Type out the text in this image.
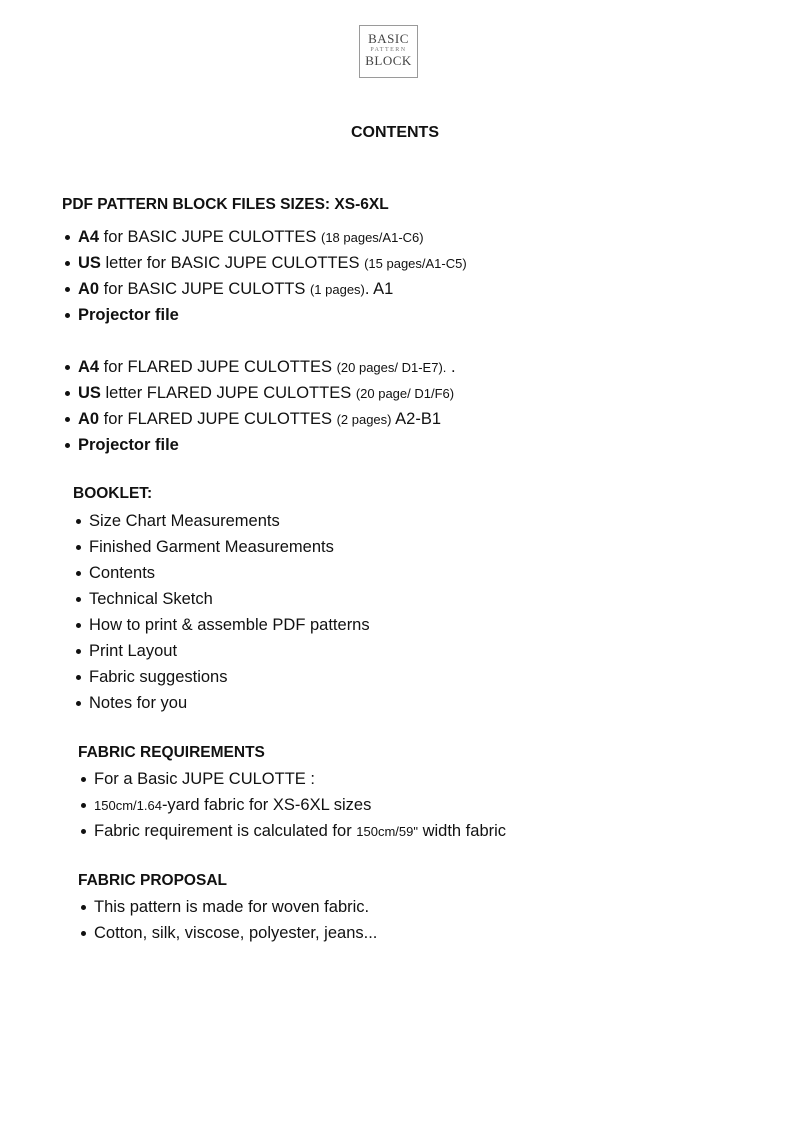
BASIC
PATTERN
BLOCK
CONTENTS
PDF PATTERN BLOCK FILES SIZES: XS-6XL
A4 for BASIC JUPE CULOTTES (18 pages/A1-C6)
US letter for BASIC JUPE CULOTTES (15 pages/A1-C5)
A0 for BASIC JUPE CULOTTS (1 pages). A1
Projector file
A4 for FLARED JUPE CULOTTES (20 pages/ D1-E7). .
US letter FLARED JUPE CULOTTES (20 page/ D1/F6)
A0 for FLARED JUPE CULOTTES (2 pages) A2-B1
Projector file
BOOKLET:
Size Chart Measurements
Finished Garment Measurements
Contents
Technical Sketch
How to print & assemble PDF patterns
Print Layout
Fabric suggestions
Notes for you
FABRIC REQUIREMENTS
For a Basic JUPE CULOTTE :
150cm/1.64-yard fabric for XS-6XL sizes
Fabric requirement is calculated for 150cm/59" width fabric
FABRIC PROPOSAL
This pattern is made for woven fabric.
Cotton, silk, viscose, polyester, jeans...
